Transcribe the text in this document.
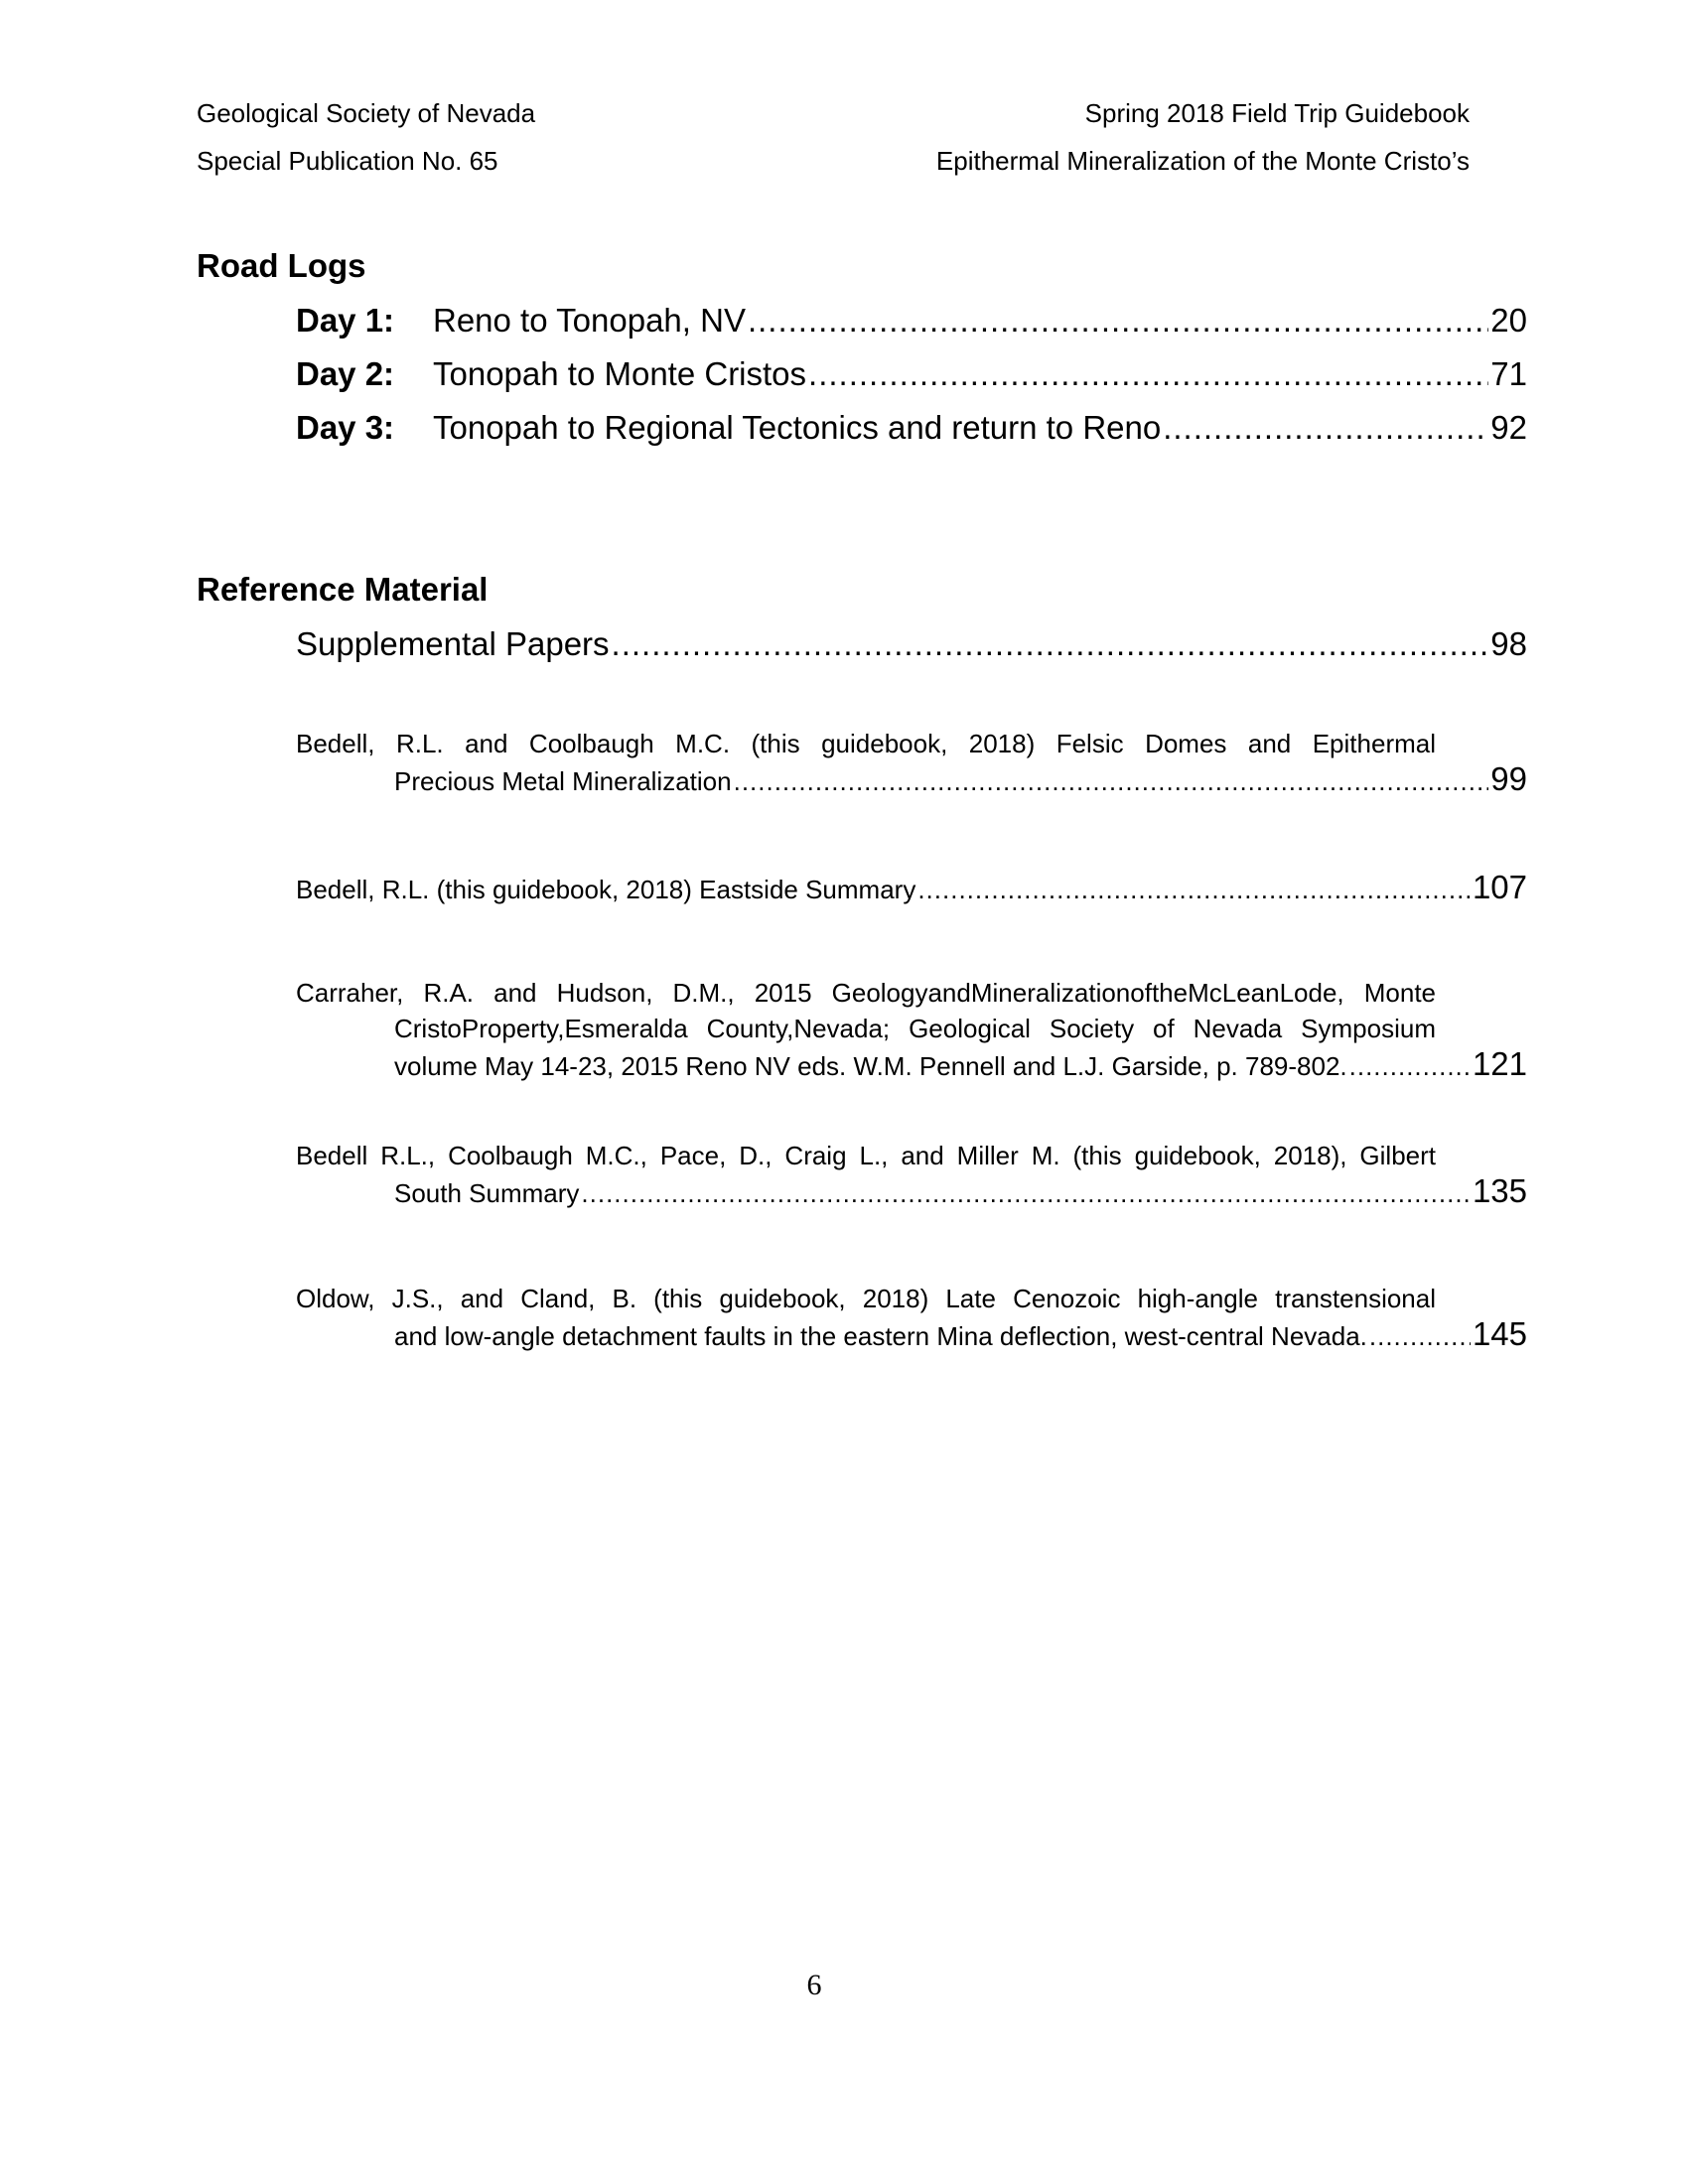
Geological Society of Nevada
Special Publication No. 65
Spring 2018 Field Trip Guidebook
Epithermal Mineralization of the Monte Cristo’s
Road Logs
Day 1:	Reno to Tonopah, NV .....	20
Day 2:	Tonopah to Monte Cristos .....	71
Day 3:	Tonopah to Regional Tectonics and return to Reno .....	92
Reference Material
Supplemental Papers .....	98
Bedell, R.L. and Coolbaugh M.C. (this guidebook, 2018) Felsic Domes and Epithermal
Precious Metal Mineralization .....	99
Bedell, R.L. (this guidebook, 2018) Eastside Summary .....	107
Carraher, R.A. and Hudson, D.M., 2015 GeologyandMineralizationoftheMcLeanLode, Monte
CristoProperty,Esmeralda County,Nevada; Geological Society of Nevada Symposium
volume May 14-23, 2015 Reno NV eds. W.M. Pennell and L.J. Garside, p. 789-802. .....	121
Bedell R.L., Coolbaugh M.C., Pace, D., Craig L., and Miller M. (this guidebook, 2018), Gilbert
South Summary .....	135
Oldow, J.S., and Cland, B. (this guidebook, 2018) Late Cenozoic high-angle transtensional
and low-angle detachment faults in the eastern Mina deflection, west-central Nevada. .....	145
6
